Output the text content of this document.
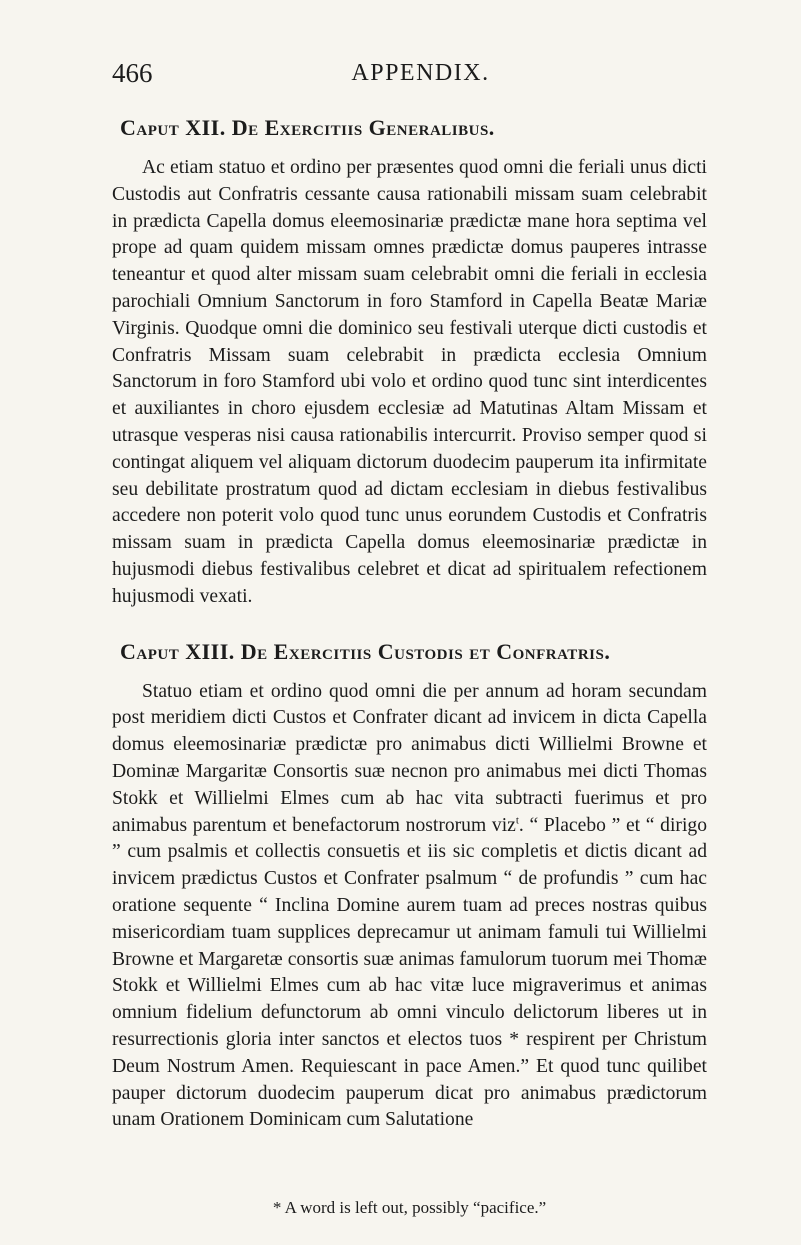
466	APPENDIX.
Caput XII. De Exercitiis Generalibus.

Ac etiam statuo et ordino per præsentes quod omni die feriali unus dicti Custodis aut Confratris cessante causa rationabili missam suam celebrabit in prædicta Capella domus eleemosinariæ prædictæ mane hora septima vel prope ad quam quidem missam omnes prædictæ domus pauperes intrasse teneantur et quod alter missam suam celebrabit omni die feriali in ecclesia parochiali Omnium Sanctorum in foro Stamford in Capella Beatæ Mariæ Virginis. Quodque omni die dominico seu festivali uterque dicti custodis et Confratris Missam suam celebrabit in prædicta ecclesia Omnium Sanctorum in foro Stamford ubi volo et ordino quod tunc sint interdicentes et auxiliantes in choro ejusdem ecclesiæ ad Matutinas Altam Missam et utrasque vesperas nisi causa rationabilis intercurrit. Proviso semper quod si contingat aliquem vel aliquam dictorum duodecim pauperum ita infirmitate seu debilitate prostratum quod ad dictam ecclesiam in diebus festivalibus accedere non poterit volo quod tunc unus eorundem Custodis et Confratris missam suam in prædicta Capella domus eleemosinariæ prædictæ in hujusmodi diebus festivalibus celebret et dicat ad spiritualem refectionem hujusmodi vexati.

Caput XIII. De Exercitiis Custodis et Confratris.

Statuo etiam et ordino quod omni die per annum ad horam secundam post meridiem dicti Custos et Confrater dicant ad invicem in dicta Capella domus eleemosinariæ prædictæ pro animabus dicti Willielmi Browne et Dominæ Margaritæ Consortis suæ necnon pro animabus mei dicti Thomas Stokk et Willielmi Elmes cum ab hac vita subtracti fuerimus et pro animabus parentum et benefactorum nostrorum viz$^t$. “ Placebo ” et “ dirigo ” cum psalmis et collectis consuetis et iis sic completis et dictis dicant ad invicem prædictus Custos et Confrater psalmum “ de profundis ” cum hac oratione sequente “ Inclina Domine aurem tuam ad preces nostras quibus misericordiam tuam supplices deprecamur ut animam famuli tui Willielmi Browne et Margaretæ consortis suæ animas famulorum tuorum mei Thomæ Stokk et Willielmi Elmes cum ab hac vitæ luce migraverimus et animas omnium fidelium defunctorum ab omni vinculo delictorum liberes ut in resurrectionis gloria inter sanctos et electos tuos * respirent per Christum Deum Nostrum Amen. Requiescant in pace Amen.” Et quod tunc quilibet pauper dictorum duodecim pauperum dicat pro animabus prædictorum unam Orationem Dominicam cum Salutatione

* A word is left out, possibly “pacifice.”
